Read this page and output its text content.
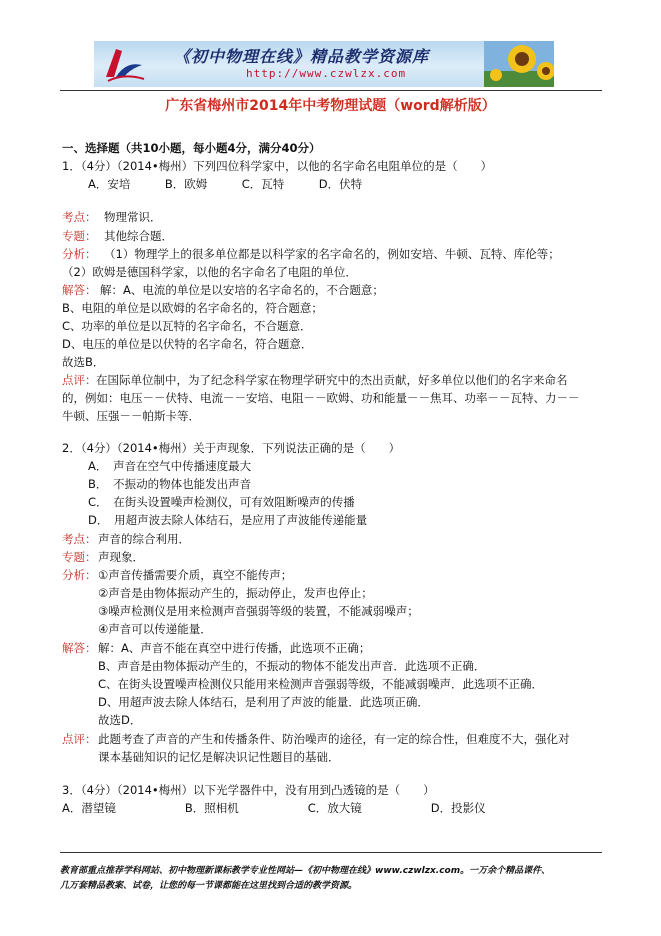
《初中物理在线》精品教学资源库
http://www.czwlzx.com
广东省梅州市2014年中考物理试题（word解析版）
一、选择题（共10小题，每小题4分，满分40分）
1．（4分）（2014•梅州）下列四位科学家中，以他的名字命名电阻单位的是（　　）
A．安培　　　B．欧姆　　　C．瓦特　　　D．伏特
考点： 物理常识．
专题： 其他综合题．
分析： （1）物理学上的很多单位都是以科学家的名字命名的，例如安培、牛顿、瓦特、库伦等；
（2）欧姆是德国科学家，以他的名字命名了电阻的单位．
解答： 解：A、电流的单位是以安培的名字命名的，不合题意；
B、电阻的单位是以欧姆的名字命名的，符合题意；
C、功率的单位是以瓦特的名字命名，不合题意．
D、电压的单位是以伏特的名字命名，符合题意．
故选B．
点评： 在国际单位制中，为了纪念科学家在物理学研究中的杰出贡献，好多单位以他们的名字来命名
的，例如：电压－－伏特、电流－－安培、电阻－－欧姆、功和能量－－焦耳、功率－－瓦特、力－－
牛顿、压强－－帕斯卡等．
2．（4分）（2014•梅州）关于声现象．下列说法正确的是（　　）
A．　声音在空气中传播速度最大
B．　不振动的物体也能发出声音
C．　在街头设置噪声检测仪，可有效阻断噪声的传播
D．　用超声波去除人体结石，是应用了声波能传递能量
考点： 声音的综合利用．
专题： 声现象．
分析： ①声音传播需要介质，真空不能传声；
②声音是由物体振动产生的，振动停止，发声也停止；
③噪声检测仪是用来检测声音强弱等级的装置，不能减弱噪声；
④声音可以传递能量．
解答： 解：A、声音不能在真空中进行传播，此选项不正确；
B、声音是由物体振动产生的，不振动的物体不能发出声音．此选项不正确．
C、在街头设置噪声检测仪只能用来检测声音强弱等级，不能减弱噪声．此选项不正确．
D、用超声波去除人体结石，是利用了声波的能量．此选项正确．
故选D．
点评： 此题考查了声音的产生和传播条件、防治噪声的途径，有一定的综合性，但难度不大，强化对
课本基础知识的记忆是解决识记性题目的基础．
3．（4分）（2014•梅州）以下光学器件中，没有用到凸透镜的是（　　）
A．潜望镜　　　　　　B．照相机　　　　　　C．放大镜　　　　　　D．投影仪
教育部重点推荐学科网站、初中物理新课标教学专业性网站—《初中物理在线》www.czwlzx.com。一万余个精品课件、
几万套精品教案、试卷，让您的每一节课都能在这里找到合适的教学资源。
